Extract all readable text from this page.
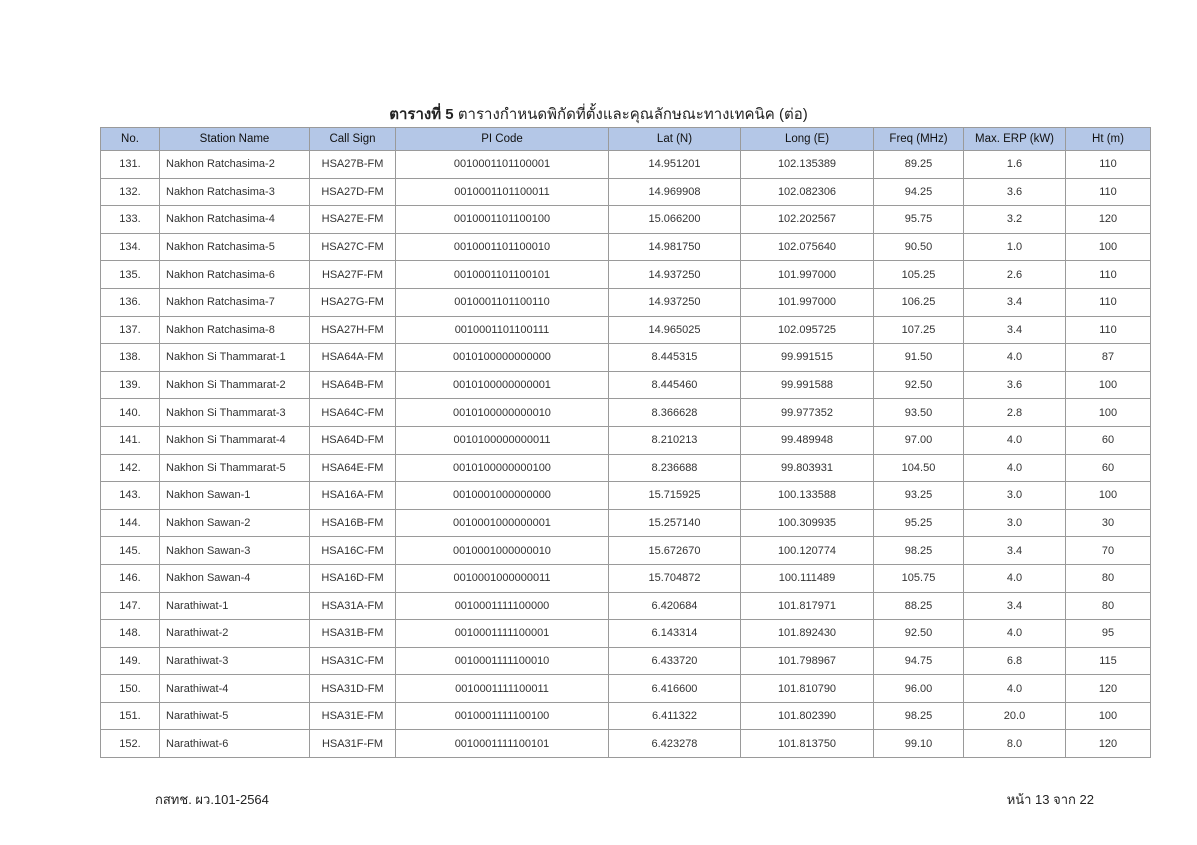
ตารางที่ 5 ตารางกำหนดพิกัดที่ตั้งและคุณลักษณะทางเทคนิค (ต่อ)
No.	Station Name	Call Sign	PI Code	Lat (N)	Long (E)	Freq (MHz)	Max. ERP (kW)	Ht (m)
131.	Nakhon Ratchasima-2	HSA27B-FM	0010001101100001	14.951201	102.135389	89.25	1.6	110
132.	Nakhon Ratchasima-3	HSA27D-FM	0010001101100011	14.969908	102.082306	94.25	3.6	110
133.	Nakhon Ratchasima-4	HSA27E-FM	0010001101100100	15.066200	102.202567	95.75	3.2	120
134.	Nakhon Ratchasima-5	HSA27C-FM	0010001101100010	14.981750	102.075640	90.50	1.0	100
135.	Nakhon Ratchasima-6	HSA27F-FM	0010001101100101	14.937250	101.997000	105.25	2.6	110
136.	Nakhon Ratchasima-7	HSA27G-FM	0010001101100110	14.937250	101.997000	106.25	3.4	110
137.	Nakhon Ratchasima-8	HSA27H-FM	0010001101100111	14.965025	102.095725	107.25	3.4	110
138.	Nakhon Si Thammarat-1	HSA64A-FM	0010100000000000	8.445315	99.991515	91.50	4.0	87
139.	Nakhon Si Thammarat-2	HSA64B-FM	0010100000000001	8.445460	99.991588	92.50	3.6	100
140.	Nakhon Si Thammarat-3	HSA64C-FM	0010100000000010	8.366628	99.977352	93.50	2.8	100
141.	Nakhon Si Thammarat-4	HSA64D-FM	0010100000000011	8.210213	99.489948	97.00	4.0	60
142.	Nakhon Si Thammarat-5	HSA64E-FM	0010100000000100	8.236688	99.803931	104.50	4.0	60
143.	Nakhon Sawan-1	HSA16A-FM	0010001000000000	15.715925	100.133588	93.25	3.0	100
144.	Nakhon Sawan-2	HSA16B-FM	0010001000000001	15.257140	100.309935	95.25	3.0	30
145.	Nakhon Sawan-3	HSA16C-FM	0010001000000010	15.672670	100.120774	98.25	3.4	70
146.	Nakhon Sawan-4	HSA16D-FM	0010001000000011	15.704872	100.111489	105.75	4.0	80
147.	Narathiwat-1	HSA31A-FM	0010001111100000	6.420684	101.817971	88.25	3.4	80
148.	Narathiwat-2	HSA31B-FM	0010001111100001	6.143314	101.892430	92.50	4.0	95
149.	Narathiwat-3	HSA31C-FM	0010001111100010	6.433720	101.798967	94.75	6.8	115
150.	Narathiwat-4	HSA31D-FM	0010001111100011	6.416600	101.810790	96.00	4.0	120
151.	Narathiwat-5	HSA31E-FM	0010001111100100	6.411322	101.802390	98.25	20.0	100
152.	Narathiwat-6	HSA31F-FM	0010001111100101	6.423278	101.813750	99.10	8.0	120
กสทช. ผว.101-2564	หน้า 13 จาก 22
